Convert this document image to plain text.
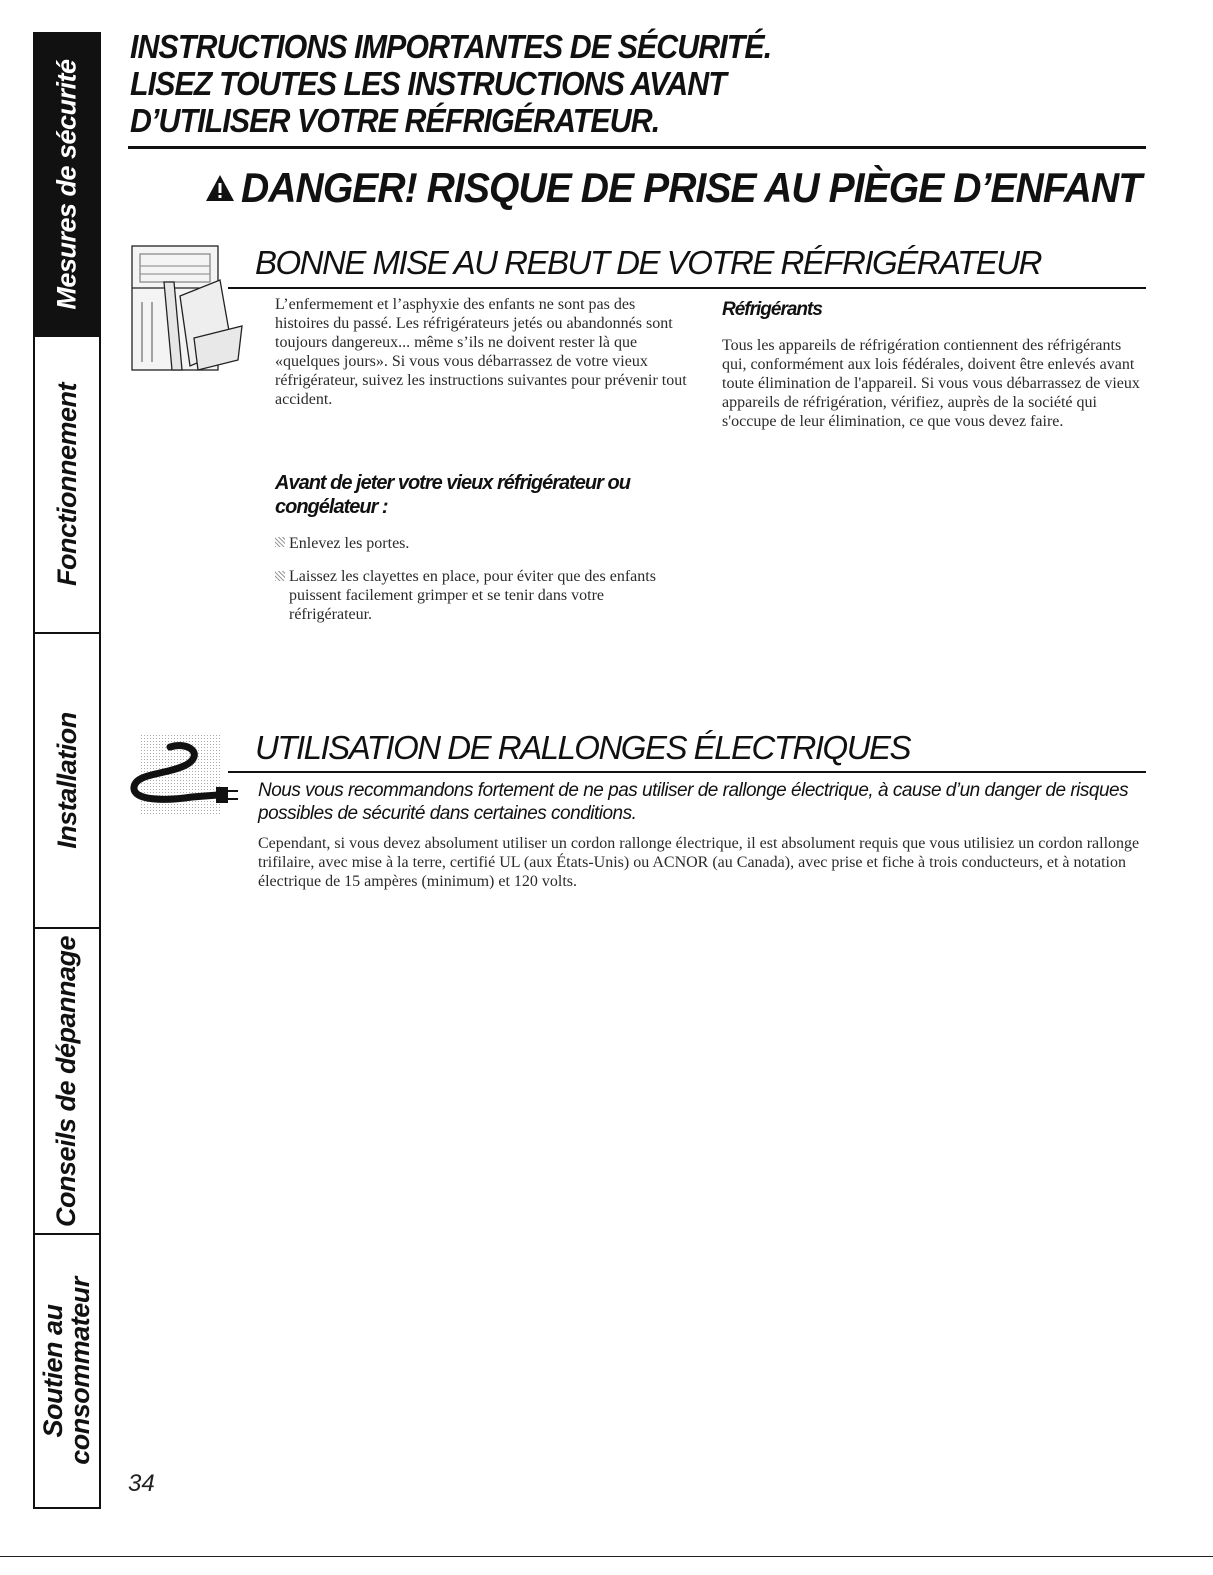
Mesures de sécurité
Fonctionnement
Installation
Conseils de dépannage
Soutien au
consommateur
INSTRUCTIONS IMPORTANTES DE SÉCURITÉ.
LISEZ TOUTES LES INSTRUCTIONS AVANT
D’UTILISER VOTRE RÉFRIGÉRATEUR.
DANGER! RISQUE DE PRISE AU PIÈGE D’ENFANT
BONNE MISE AU REBUT DE VOTRE RÉFRIGÉRATEUR
L’enfermement et l’asphyxie des enfants ne sont pas des histoires du passé. Les réfrigérateurs jetés ou abandonnés sont toujours dangereux... même s’ils ne doivent rester là que «quelques jours». Si vous vous débarrassez de votre vieux réfrigérateur, suivez les instructions suivantes pour prévenir tout accident.
Avant de jeter votre vieux réfrigérateur ou congélateur :
Enlevez les portes.
Laissez les clayettes en place, pour éviter que des enfants puissent facilement grimper et se tenir dans votre réfrigérateur.
Réfrigérants
Tous les appareils de réfrigération contiennent des réfrigérants qui, conformément aux lois fédérales, doivent être enlevés avant toute élimination de l'appareil. Si vous vous débarrassez de vieux appareils de réfrigération, vérifiez, auprès de la société qui s'occupe de leur élimination, ce que vous devez faire.
UTILISATION DE RALLONGES ÉLECTRIQUES
Nous vous recommandons fortement de ne pas utiliser de rallonge électrique, à cause d’un danger de risques possibles de sécurité dans certaines conditions.
Cependant, si vous devez absolument utiliser un cordon rallonge électrique, il est absolument requis que vous utilisiez un cordon rallonge trifilaire, avec mise à la terre, certifié UL (aux États-Unis) ou ACNOR (au Canada), avec prise et fiche à trois conducteurs, et à notation électrique de 15 ampères (minimum) et 120 volts.
34
